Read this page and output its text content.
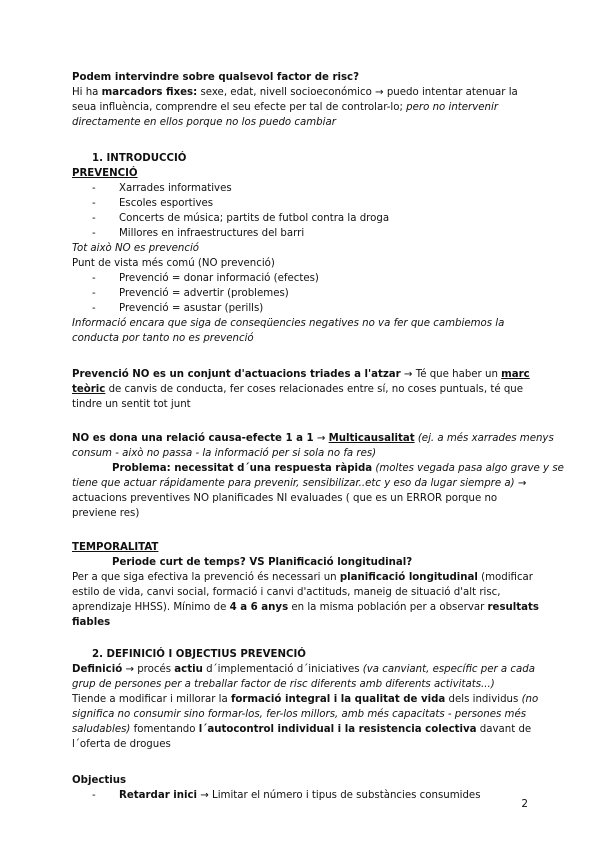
Podem intervindre sobre qualsevol factor de risc?
Hi ha marcadors fixes: sexe, edat, nivell socioeconómico → puedo intentar atenuar la
seua influència, comprendre el seu efecte per tal de controlar-lo; pero no intervenir
directamente en ellos porque no los puedo cambiar
1. INTRODUCCIÓ
PREVENCIÓ
- Xarrades informatives
- Escoles esportives
- Concerts de música; partits de futbol contra la droga
- Millores en infraestructures del barri
Tot això NO es prevenció
Punt de vista més comú (NO prevenció)
- Prevenció = donar informació (efectes)
- Prevenció = advertir (problemes)
- Prevenció = asustar (perills)
Informació encara que siga de conseqüencies negatives no va fer que cambiemos la
conducta por tanto no es prevenció
Prevenció NO es un conjunt d'actuacions triades a l'atzar → Té que haber un marc
teòric de canvis de conducta, fer coses relacionades entre sí, no coses puntuals, té que
tindre un sentit tot junt
NO es dona una relació causa-efecte 1 a 1 → Multicausalitat (ej. a més xarrades menys
consum - això no passa - la informació per si sola no fa res)
Problema: necessitat d´una respuesta ràpida (moltes vegada pasa algo grave y se
tiene que actuar rápidamente para prevenir, sensibilizar..etc y eso da lugar siempre a) →
actuacions preventives NO planificades NI evaluades ( que es un ERROR porque no
previene res)
TEMPORALITAT
Periode curt de temps? VS Planificació longitudinal?
Per a que siga efectiva la prevenció és necessari un planificació longitudinal (modificar
estilo de vida, canvi social, formació i canvi d'actituds, maneig de situació d'alt risc,
aprendizaje HHSS). Mínimo de 4 a 6 anys en la misma población per a observar resultats
fiables
2. DEFINICIÓ I OBJECTIUS PREVENCIÓ
Definició → procés actiu d´implementació d´iniciatives (va canviant, específic per a cada
grup de persones per a treballar factor de risc diferents amb diferents activitats...)
Tiende a modificar i millorar la formació integral i la qualitat de vida dels individus (no
significa no consumir sino formar-los, fer-los millors, amb més capacitats - persones més
saludables) fomentando l´autocontrol individual i la resistencia colectiva davant de
l´oferta de drogues
Objectius
- Retardar inici → Limitar el número i tipus de substàncies consumides
2
